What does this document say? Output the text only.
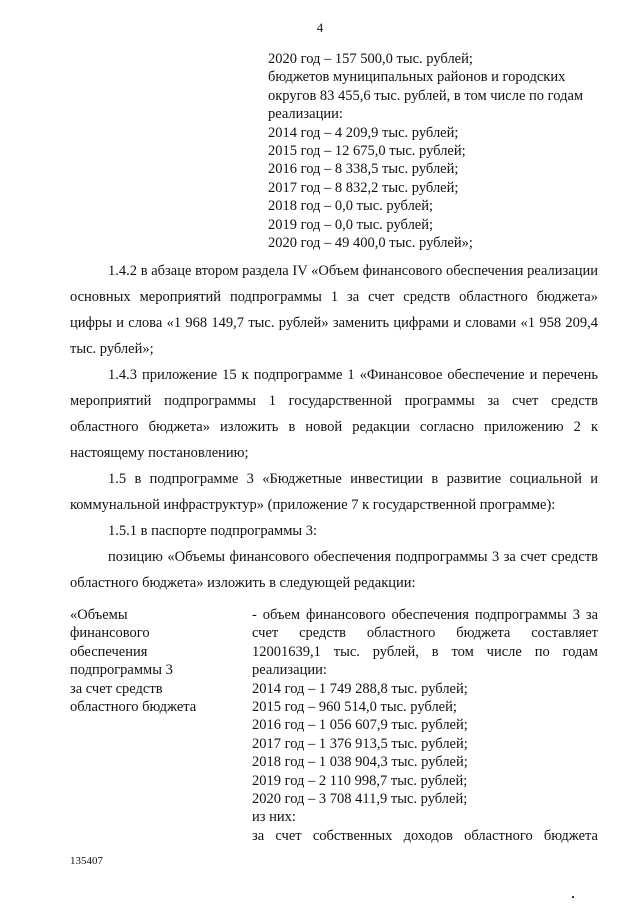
4
2020 год – 157 500,0 тыс. рублей;
бюджетов муниципальных районов и городских
округов 83 455,6 тыс. рублей, в том числе по годам
реализации:
2014 год – 4 209,9 тыс. рублей;
2015 год – 12 675,0 тыс. рублей;
2016 год – 8 338,5 тыс. рублей;
2017 год – 8 832,2 тыс. рублей;
2018 год – 0,0 тыс. рублей;
2019 год – 0,0 тыс. рублей;
2020 год – 49 400,0 тыс. рублей»;
1.4.2 в абзаце втором раздела IV «Объем финансового обеспечения реализации основных мероприятий подпрограммы 1 за счет средств областного бюджета» цифры и слова «1 968 149,7 тыс. рублей» заменить цифрами и словами «1 958 209,4 тыс. рублей»;
1.4.3 приложение 15 к подпрограмме 1 «Финансовое обеспечение и перечень мероприятий подпрограммы 1 государственной программы за счет средств областного бюджета» изложить в новой редакции согласно приложению 2 к настоящему постановлению;
1.5 в подпрограмме 3 «Бюджетные инвестиции в развитие социальной и коммунальной инфраструктур» (приложение 7 к государственной программе):
1.5.1 в паспорте подпрограммы 3:
позицию «Объемы финансового обеспечения подпрограммы 3 за счет средств областного бюджета» изложить в следующей редакции:
«Объемы
финансового
обеспечения
подпрограммы 3
за счет средств
областного бюджета
- объем финансового обеспечения подпрограммы 3 за счет средств областного бюджета составляет 12001639,1 тыс. рублей, в том числе по годам реализации:
2014 год – 1 749 288,8 тыс. рублей;
2015 год – 960 514,0 тыс. рублей;
2016 год – 1 056 607,9 тыс. рублей;
2017 год – 1 376 913,5 тыс. рублей;
2018 год – 1 038 904,3 тыс. рублей;
2019 год – 2 110 998,7 тыс. рублей;
2020 год – 3 708 411,9 тыс. рублей;
из них:
за счет собственных доходов областного бюджета
135407
